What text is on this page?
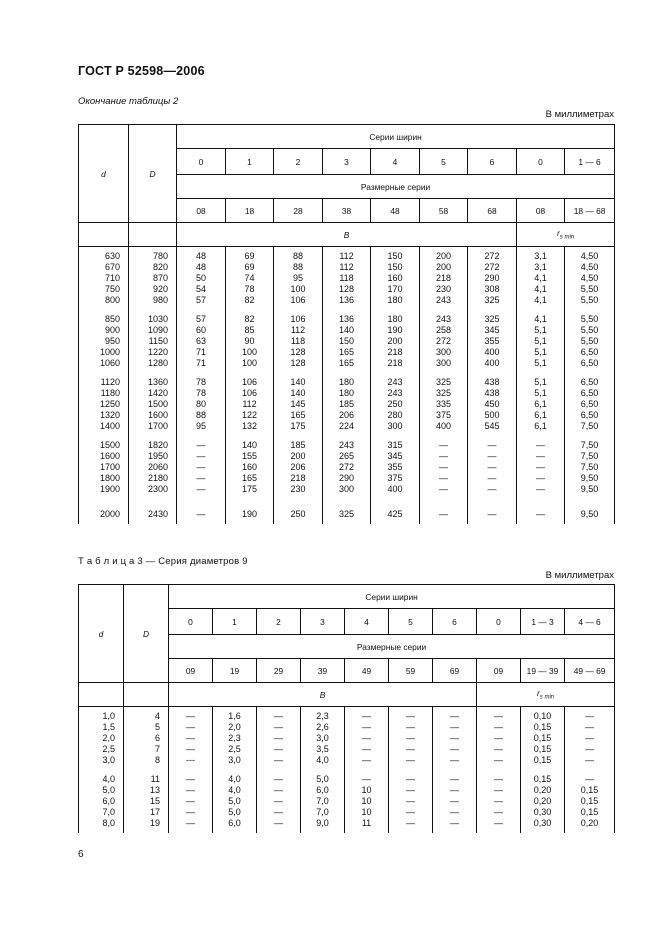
ГОСТ Р 52598—2006
Окончание таблицы 2
В миллиметрах
d	D	Серии ширин								
		0	1	2	3	4	5	6	0	1 — 6
		Размерные серии								
		08	18	28	38	48	58	68	08	18 — 68
		B							$r_{s min}$
630	780	48	69	88	112	150	200	272	3,1	4,50
670	820	48	69	88	112	150	200	272	3,1	4,50
710	870	50	74	95	118	160	218	290	4,1	4,50
750	920	54	78	100	128	170	230	308	4,1	5,50
800	980	57	82	106	136	180	243	325	4,1	5,50

850	1030	57	82	106	136	180	243	325	4,1	5,50
900	1090	60	85	112	140	190	258	345	5,1	5,50
950	1150	63	90	118	150	200	272	355	5,1	5,50
1000	1220	71	100	128	165	218	300	400	5,1	6,50
1060	1280	71	100	128	165	218	300	400	5,1	6,50

1120	1360	78	106	140	180	243	325	438	5,1	6,50
1180	1420	78	106	140	180	243	325	438	5,1	6,50
1250	1500	80	112	145	185	250	335	450	6,1	6,50
1320	1600	88	122	165	206	280	375	500	6,1	6,50
1400	1700	95	132	175	224	300	400	545	6,1	7,50

1500	1820	—	140	185	243	315	—	—	—	7,50
1600	1950	—	155	200	265	345	—	—	—	7,50
1700	2060	—	160	206	272	355	—	—	—	7,50
1800	2180	—	165	218	290	375	—	—	—	9,50
1900	2300	—	175	230	300	400	—	—	—	9,50

2000	2430	—	190	250	325	425	—	—	—	9,50
Т а б л и ц а 3 — Серия диаметров 9
В миллиметрах
d	D	Серии ширин									
		0	1	2	3	4	5	6	0	1 — 3	4 — 6
		Размерные серии									
		09	19	29	39	49	59	69	09	19 — 39	49 — 69
		B							$r_{s min}$
1,0	4	—	1,6	—	2,3	—	—	—	—	0,10	—
1,5	5	—	2,0	—	2,6	—	—	—	—	0,15	—
2,0	6	—	2,3	—	3,0	—	—	—	—	0,15	—
2,5	7	—	2,5	—	3,5	—	—	—	—	0,15	—
3,0	8	---	3,0	—	4,0	—	—	—	—	0,15	—

4,0	11	—	4,0	—	5,0	—	—	—	—	0,15	—
5,0	13	—	4,0	—	6,0	10	—	—	—	0,20	0,15
6,0	15	—	5,0	—	7,0	10	—	—	—	0,20	0,15
7,0	17	—	5,0	—	7,0	10	—	—	—	0,30	0,15
8,0	19	—	6,0	—	9,0	11	—	—	—	0,30	0,20
6
